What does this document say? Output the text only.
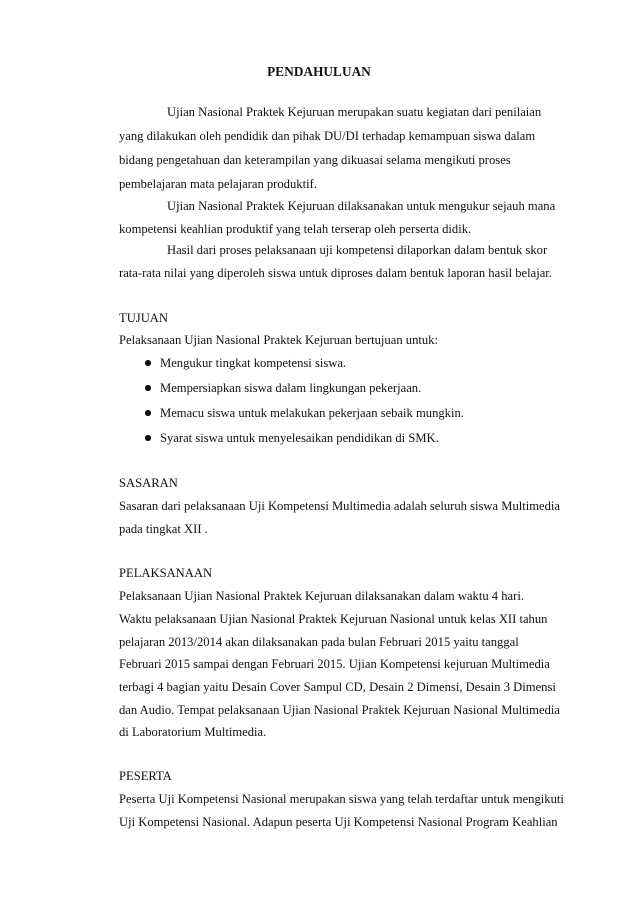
PENDAHULUAN
Ujian Nasional Praktek Kejuruan merupakan suatu kegiatan dari penilaian
yang dilakukan oleh pendidik dan pihak DU/DI terhadap kemampuan siswa dalam
bidang pengetahuan dan keterampilan yang dikuasai selama mengikuti proses
pembelajaran mata pelajaran produktif.
Ujian Nasional Praktek Kejuruan dilaksanakan untuk mengukur sejauh mana
kompetensi keahlian produktif yang telah terserap oleh perserta didik.
Hasil dari proses pelaksanaan uji kompetensi dilaporkan dalam bentuk skor
rata-rata nilai yang diperoleh siswa untuk diproses dalam bentuk laporan hasil belajar.
TUJUAN
Pelaksanaan Ujian Nasional Praktek Kejuruan bertujuan untuk:
Mengukur tingkat kompetensi siswa.
Mempersiapkan siswa dalam lingkungan pekerjaan.
Memacu siswa untuk melakukan pekerjaan sebaik mungkin.
Syarat siswa untuk menyelesaikan pendidikan di SMK.
SASARAN
Sasaran dari pelaksanaan Uji Kompetensi Multimedia adalah seluruh siswa Multimedia
pada tingkat XII .
PELAKSANAAN
Pelaksanaan Ujian Nasional Praktek Kejuruan dilaksanakan dalam waktu 4 hari.
Waktu pelaksanaan Ujian Nasional Praktek Kejuruan Nasional untuk kelas XII tahun
pelajaran 2013/2014 akan dilaksanakan pada bulan Februari 2015 yaitu tanggal
Februari 2015 sampai dengan Februari 2015. Ujian Kompetensi kejuruan Multimedia
terbagi 4 bagian yaitu Desain Cover Sampul CD, Desain 2 Dimensi, Desain 3 Dimensi
dan Audio. Tempat pelaksanaan Ujian Nasional Praktek Kejuruan Nasional Multimedia
di Laboratorium Multimedia.
PESERTA
Peserta Uji Kompetensi Nasional merupakan siswa yang telah terdaftar untuk mengikuti
Uji Kompetensi Nasional. Adapun peserta Uji Kompetensi Nasional Program Keahlian
